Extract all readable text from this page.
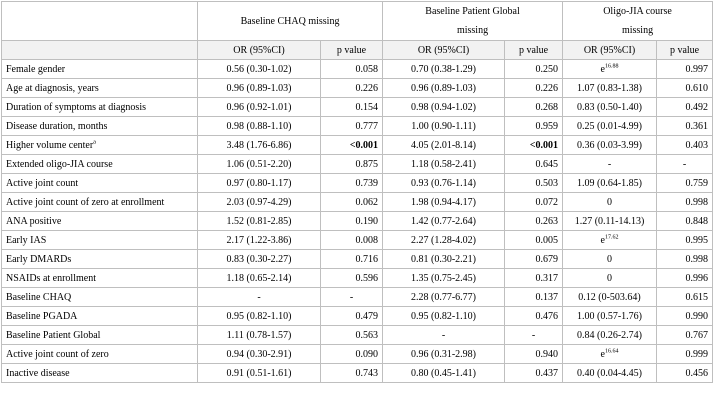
	Baseline CHAQ missing		Baseline Patient Global missing		Oligo-JIA course missing	

	OR (95%CI)	p value	OR (95%CI)	p value	OR (95%CI)	p value
Female gender	0.56 (0.30-1.02)	0.058	0.70 (0.38-1.29)	0.250	$e^{16.88}$	0.997
Age at diagnosis, years	0.96 (0.89-1.03)	0.226	0.96 (0.89-1.03)	0.226	1.07 (0.83-1.38)	0.610
Duration of symptoms at diagnosis	0.96 (0.92-1.01)	0.154	0.98 (0.94-1.02)	0.268	0.83 (0.50-1.40)	0.492
Disease duration, months	0.98 (0.88-1.10)	0.777	1.00 (0.90-1.11)	0.959	0.25 (0.01-4.99)	0.361
Higher volume center$^a$	3.48 (1.76-6.86)	<0.001	4.05 (2.01-8.14)	<0.001	0.36 (0.03-3.99)	0.403
Extended oligo-JIA course	1.06 (0.51-2.20)	0.875	1.18 (0.58-2.41)	0.645	-	-
Active joint count	0.97 (0.80-1.17)	0.739	0.93 (0.76-1.14)	0.503	1.09 (0.64-1.85)	0.759
Active joint count of zero at enrollment	2.03 (0.97-4.29)	0.062	1.98 (0.94-4.17)	0.072	0	0.998
ANA positive	1.52 (0.81-2.85)	0.190	1.42 (0.77-2.64)	0.263	1.27 (0.11-14.13)	0.848
Early IAS	2.17 (1.22-3.86)	0.008	2.27 (1.28-4.02)	0.005	$e^{17.62}$	0.995
Early DMARDs	0.83 (0.30-2.27)	0.716	0.81 (0.30-2.21)	0.679	0	0.998
NSAIDs at enrollment	1.18 (0.65-2.14)	0.596	1.35 (0.75-2.45)	0.317	0	0.996
Baseline CHAQ	-	-	2.28 (0.77-6.77)	0.137	0.12 (0-503.64)	0.615
Baseline PGADA	0.95 (0.82-1.10)	0.479	0.95 (0.82-1.10)	0.476	1.00 (0.57-1.76)	0.990
Baseline Patient Global	1.11 (0.78-1.57)	0.563	-	-	0.84 (0.26-2.74)	0.767
Active joint count of zero	0.94 (0.30-2.91)	0.090	0.96 (0.31-2.98)	0.940	$e^{16.64}$	0.999
Inactive disease	0.91 (0.51-1.61)	0.743	0.80 (0.45-1.41)	0.437	0.40 (0.04-4.45)	0.456
